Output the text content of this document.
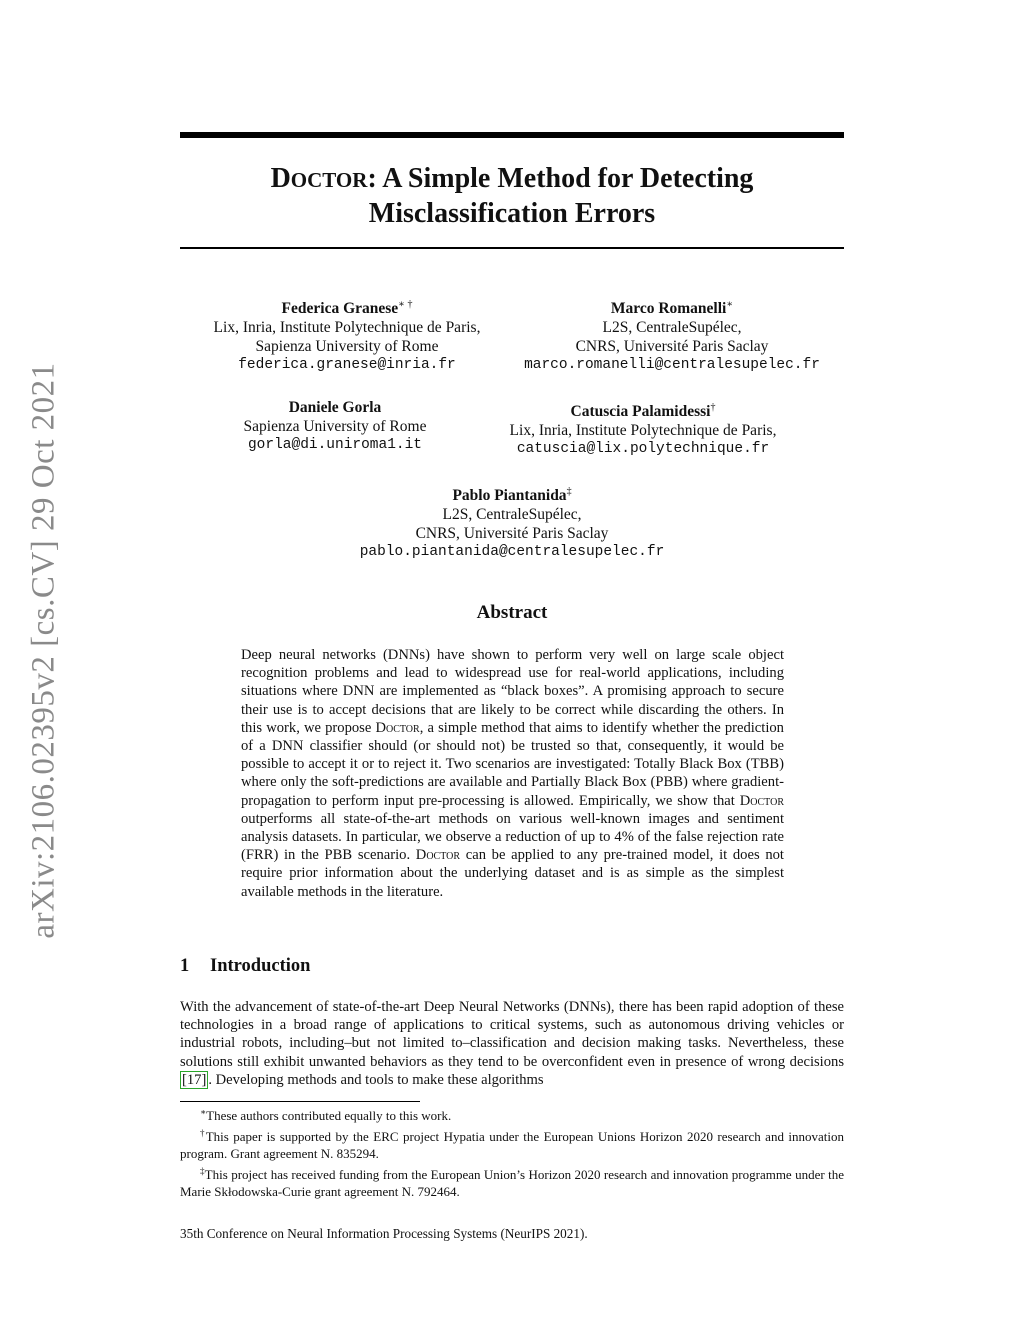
arXiv:2106.02395v2 [cs.CV] 29 Oct 2021
DOCTOR: A Simple Method for Detecting
Misclassification Errors
Federica Granese∗ †
Lix, Inria, Institute Polytechnique de Paris,
Sapienza University of Rome
federica.granese@inria.fr
Marco Romanelli∗
L2S, CentraleSupélec,
CNRS, Université Paris Saclay
marco.romanelli@centralesupelec.fr
Daniele Gorla
Sapienza University of Rome
gorla@di.uniroma1.it
Catuscia Palamidessi†
Lix, Inria, Institute Polytechnique de Paris,
catuscia@lix.polytechnique.fr
Pablo Piantanida‡
L2S, CentraleSupélec,
CNRS, Université Paris Saclay
pablo.piantanida@centralesupelec.fr
Abstract
Deep neural networks (DNNs) have shown to perform very well on large scale object recognition problems and lead to widespread use for real-world applications, including situations where DNN are implemented as “black boxes”. A promising approach to secure their use is to accept decisions that are likely to be correct while discarding the others. In this work, we propose Doctor, a simple method that aims to identify whether the prediction of a DNN classifier should (or should not) be trusted so that, consequently, it would be possible to accept it or to reject it. Two scenarios are investigated: Totally Black Box (TBB) where only the soft-predictions are available and Partially Black Box (PBB) where gradient-propagation to perform input pre-processing is allowed. Empirically, we show that Doctor outperforms all state-of-the-art methods on various well-known images and sentiment analysis datasets. In particular, we observe a reduction of up to 4% of the false rejection rate (FRR) in the PBB scenario. Doctor can be applied to any pre-trained model, it does not require prior information about the underlying dataset and is as simple as the simplest available methods in the literature.
1 Introduction
With the advancement of state-of-the-art Deep Neural Networks (DNNs), there has been rapid adoption of these technologies in a broad range of applications to critical systems, such as autonomous driving vehicles or industrial robots, including–but not limited to–classification and decision making tasks. Nevertheless, these solutions still exhibit unwanted behaviors as they tend to be overconfident even in presence of wrong decisions [17] . Developing methods and tools to make these algorithms

∗These authors contributed equally to this work.

†This paper is supported by the ERC project Hypatia under the European Unions Horizon 2020 research and innovation program. Grant agreement N. 835294.

‡This project has received funding from the European Union’s Horizon 2020 research and innovation programme under the Marie Skłodowska-Curie grant agreement N. 792464.

35th Conference on Neural Information Processing Systems (NeurIPS 2021).
